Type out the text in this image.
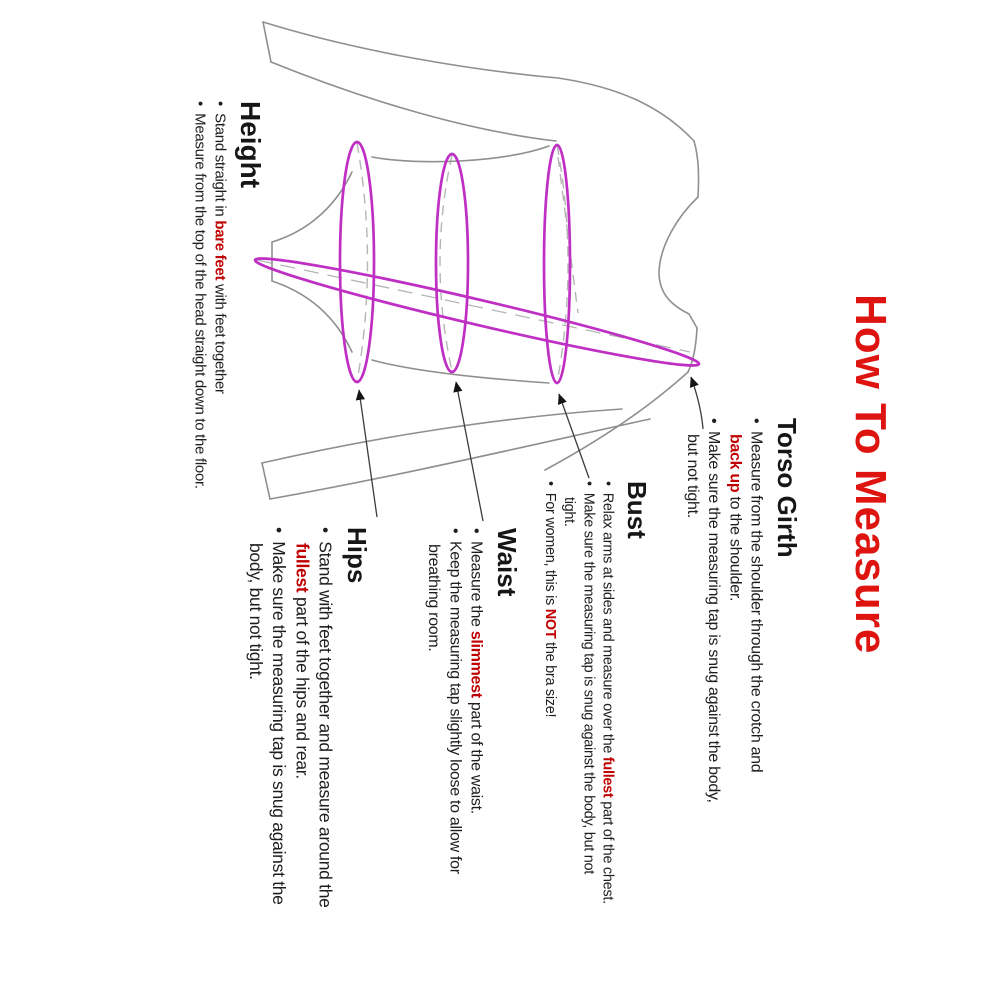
How To Measure
Height
• Stand straight in bare feet with feet together
• Measure from the top of the head straight down to the floor.	Torso Girth
• Measure from the shoulder through the crotch and
back up to the shoulder.
• Make sure the measuring tap is snug against the body,
but not tight.
Bust
• Relax arms at sides and measure over the fullest part of the chest.
• Make sure the measuring tap is snug against the body, but not
tight.
• For women, this is NOT the bra size!
Waist
• Measure the slimmest part of the waist.
• Keep the measuring tap slightly loose to allow for
breathing room.
Hips
• Stand with feet together and measure around the
fullest part of the hips and rear.
• Make sure the measuring tap is snug against the
body, but not tight.
